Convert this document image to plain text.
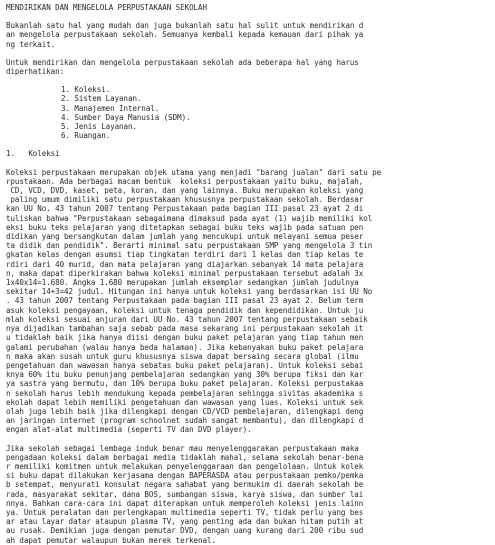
MENDIRIKAN DAN MENGELOLA PERPUSTAKAAN SEKOLAH
Bukanlah satu hal yang mudah dan juga bukanlah satu hal sulit untuk mendirikan d
an mengelola perpustakaan sekolah. Semuanya kembali kepada kemauan dari pihak ya
ng terkait.
Untuk mendirikan dan mengelola perpustakaan sekolah ada beberapa hal yang harus
diperhatikan:
1. Koleksi.
2. Sistem Layanan.
3. Manajemen Internal.
4. Sumber Daya Manusia (SDM).
5. Jenis Layanan.
6. Ruangan.
1.   Koleksi
Koleksi perpustakaan merupakan objek utama yang menjadi "barang jualan" dari satu pe
rpustakaan. Ada berbagai macam bentuk  koleksi perpustakaan yaitu buku, majalah,
CD, VCD, DVD, kaset, peta, koran, dan yang lainnya. Buku merupakan koleksi yang
paling umum dimiliki satu perpustakaan khususnya perpustakaan sekolah. Berdasar
kan UU No. 43 tahun 2007 tentang Perpustakaan pada bagian III pasal 23 ayat 2 di
tuliskan bahwa "Perpustakaan sebagaimana dimaksud pada ayat (1) wajib memiliki kol
eksi buku teks pelajaran yang ditetapkan sebagai buku teks wajib pada satuan pen
didikan yang bersangkutan dalam jumlah yang mencukupi untuk melayani semua peser
ta didik dan pendidik". Berarti minimal satu perpustakaan SMP yang mengelola 3 tin
gkatan kelas dengan asumsi tiap tingkatan terdiri dari 1 kelas dan tiap kelas te
rdiri dari 40 murid, dan mata pelajaran yang diajarkan sebanyak 14 mata pelajara
n, maka dapat diperkirakan bahwa koleksi minimal perpustakaan tersebut adalah 3x
1x40x14=1.680. Angka 1.680 merupakan jumlah eksemplar sedangkan jumlah judulnya
sekitar 14+3=42 judul. Hitungan ini hanya untuk koleksi yang berdasarkan isi UU No
. 43 tahun 2007 tentang Perpustakaan pada bagian III pasal 23 ayat 2. Belum term
asuk koleksi pengayaan, koleksi untuk tenaga pendidik dan kependidikan. Untuk ju
mlah koleksi sesuai anjuran dari UU No. 43 tahun 2007 tentang perpustakaan sebaik
nya dijadikan tambahan saja sebab pada masa sekarang ini perpustakaan sekolah it
u tidaklah baik jika hanya diisi dengan buku paket pelajaran yang tiap tahun men
galami perubahan (walau hanya beda halaman). Jika kebanyakan buku paket pelajara
n maka akan susah untuk guru khususnya siswa dapat bersaing secara global (ilmu
pengetahuan dan wawasan hanya sebatas buku paket pelajaran). Untuk koleksi sebai
knya 60% itu buku penunjang pembelajaran sedangkan yang 30% berupa fiksi dan kar
ya sastra yang bermutu, dan 10% berupa buku paket pelajaran. Koleksi perpustakaa
n sekolah harus lebih mendukung kepada pembelajaran sehingga sivitas akademika s
ekolah dapat lebih memiliki pengetahuan dan wawasan yang luas. Koleksi untuk sek
olah juga lebih baik jika dilengkapi dengan CD/VCD pembelajaran, dilengkapi deng
an jaringan internet (program schoolnet sudah sangat membantu), dan dilengkapi d
engan alat-alat multimedia (seperti TV dan DVD player).
Jika sekolah sebagai lembaga induk benar mau menyelenggarakan perpustakaan maka
pengadaan koleksi dalam berbagai media tidaklah mahal, selama sekolah benar-bena
r memiliki komitmen untuk melakukan penyelenggaraan dan pengelolaan. Untuk kolek
si buku dapat dilakukan kerjasama dengan BAPERASDA atau perpustakaan pemko/pemka
b setempat, menyurati konsulat negara sahabat yang bermukim di daerah sekolah be
rada, masyarakat sekitar, dana BOS, sumbangan siswa, karya siswa, dan sumber lai
nnya. Bahkan cara-cara ini dapat diterapkan untuk memperoleh koleksi jenis lainn
ya. Untuk peralatan dan perlengkapan multimedia seperti TV, tidak perlu yang bes
ar atau layar datar ataupun plasma TV, yang penting ada dan bukan hitam putih at
au rusak. Demikian juga dengan pemutar DVD, dengan uang kurang dari 200 ribu sud
ah dapat pemutar walaupun bukan merek terkenal.
